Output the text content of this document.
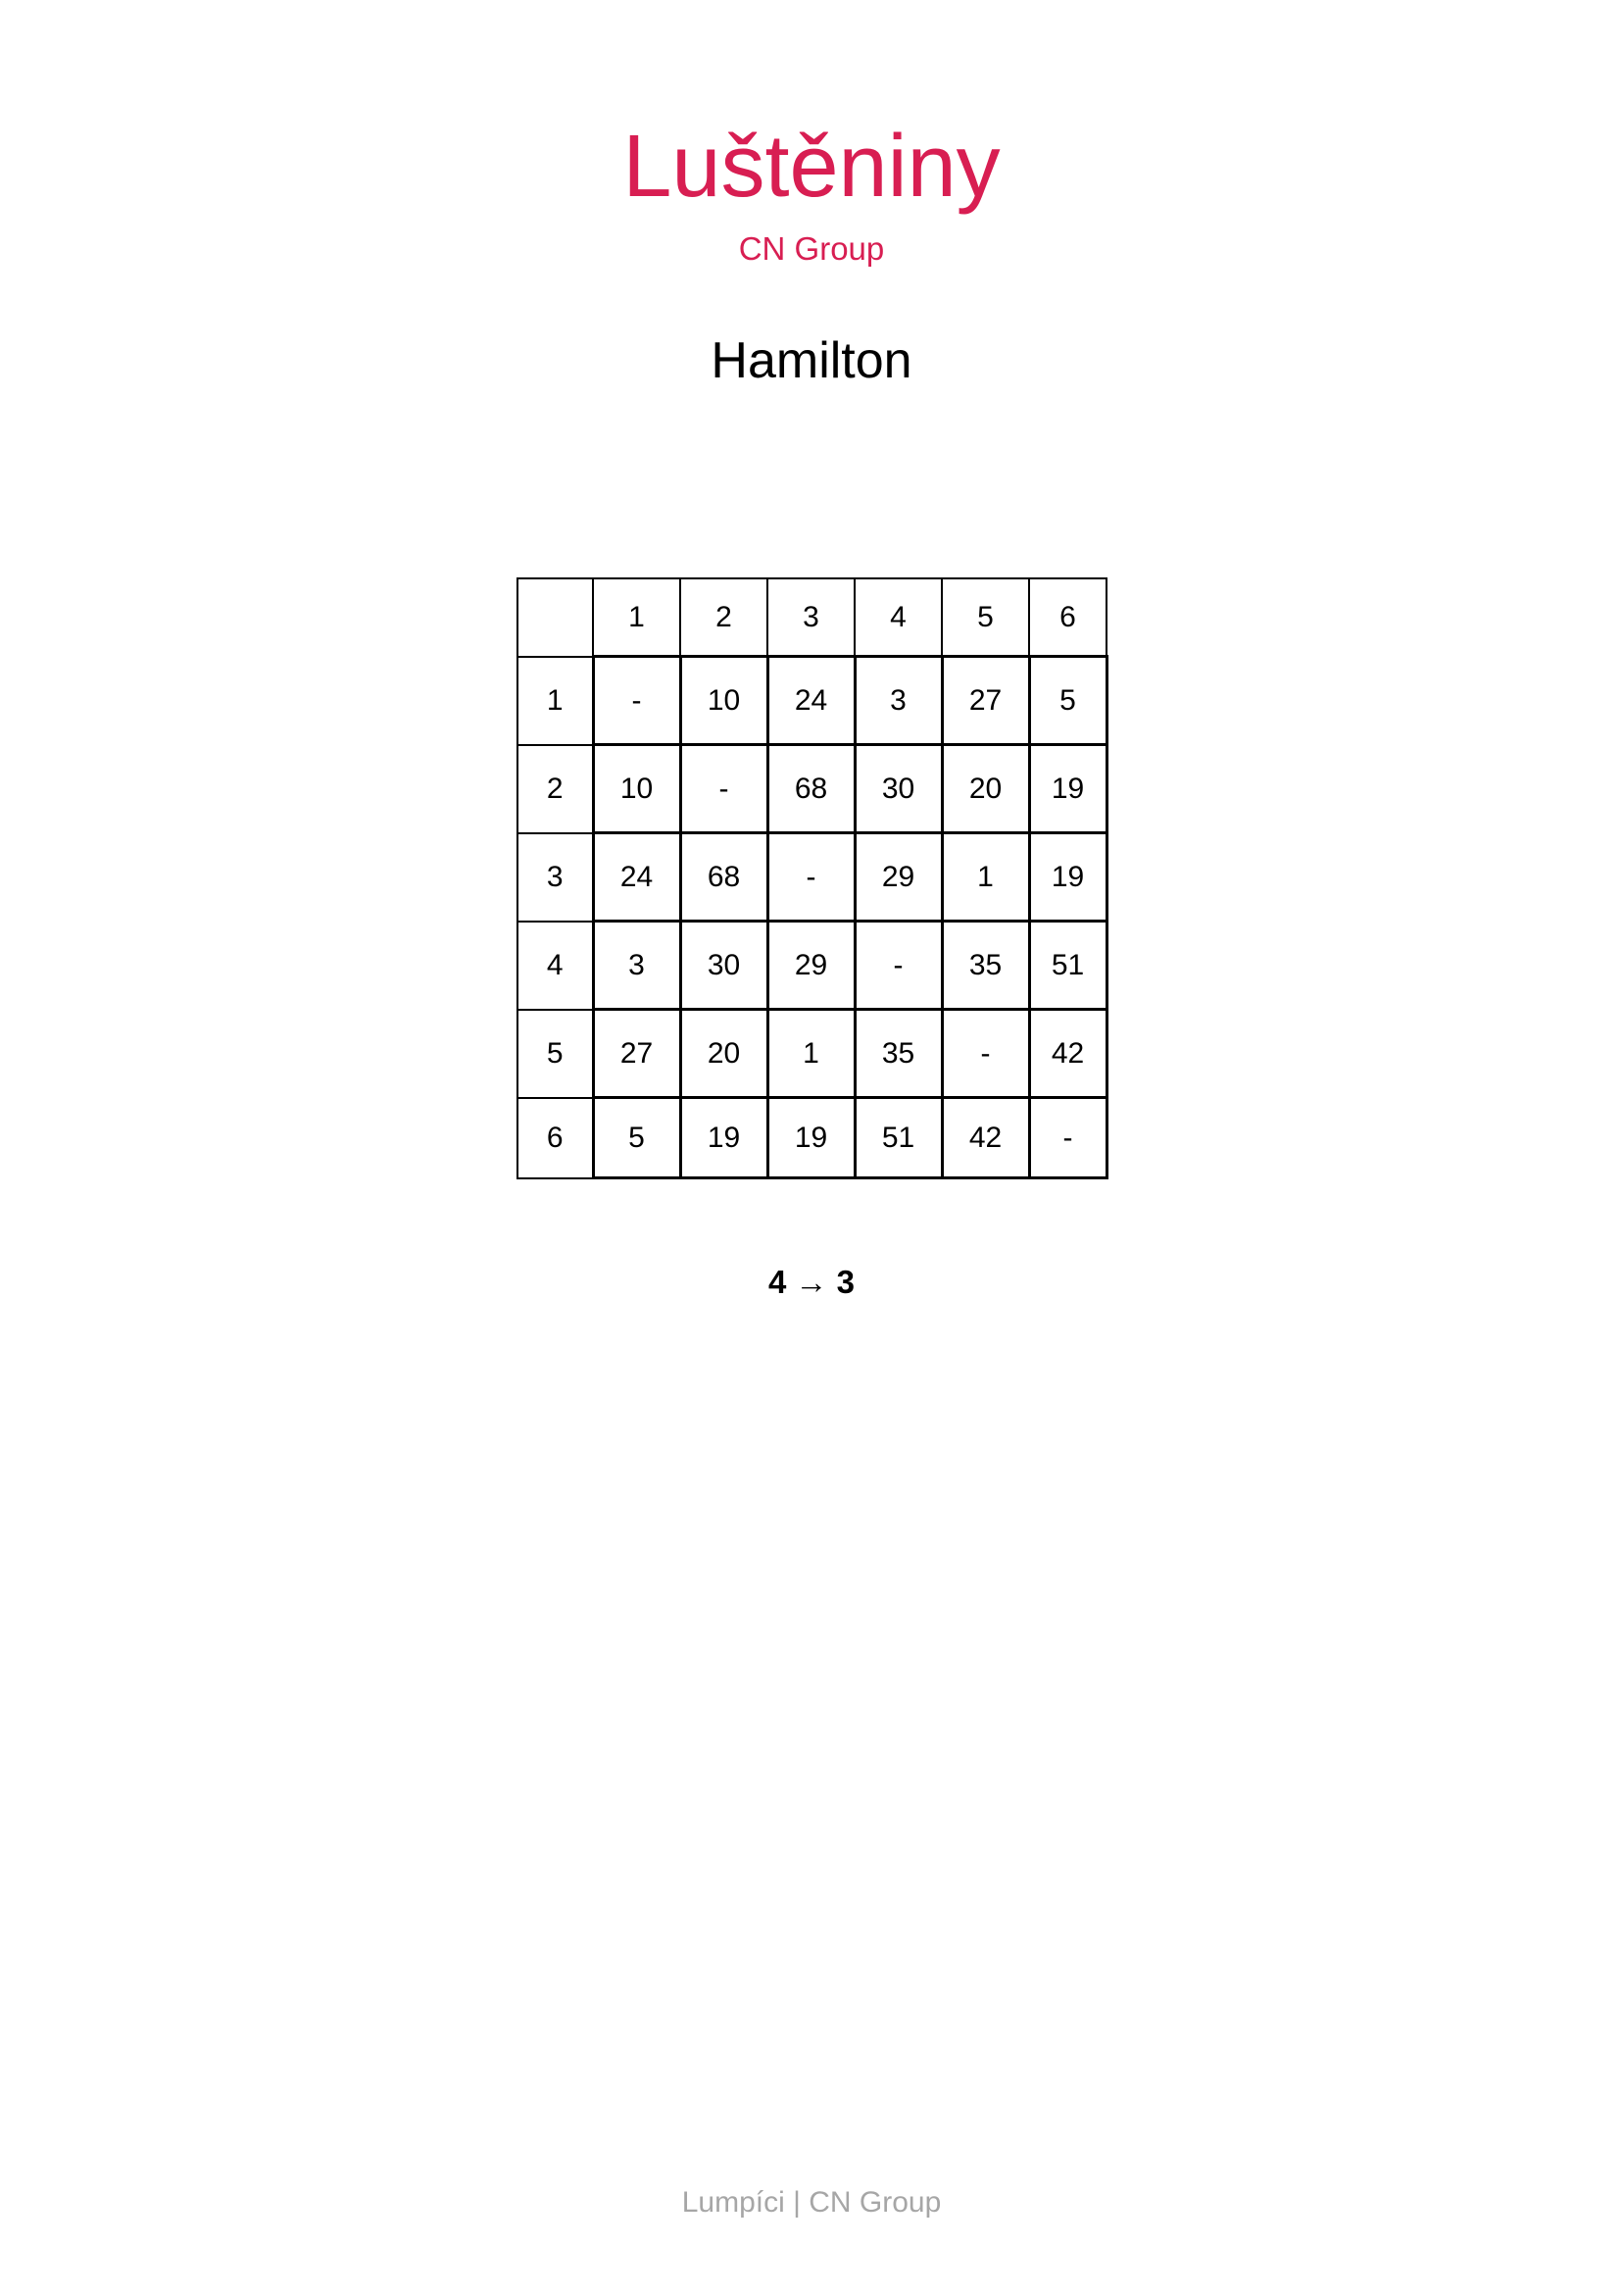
Luštěniny
CN Group
Hamilton
	1	2	3	4	5	6
1	-	10	24	3	27	5
2	10	-	68	30	20	19
3	24	68	-	29	1	19
4	3	30	29	-	35	51
5	27	20	1	35	-	42
6	5	19	19	51	42	-
4 → 3
Lumpíci | CN Group
